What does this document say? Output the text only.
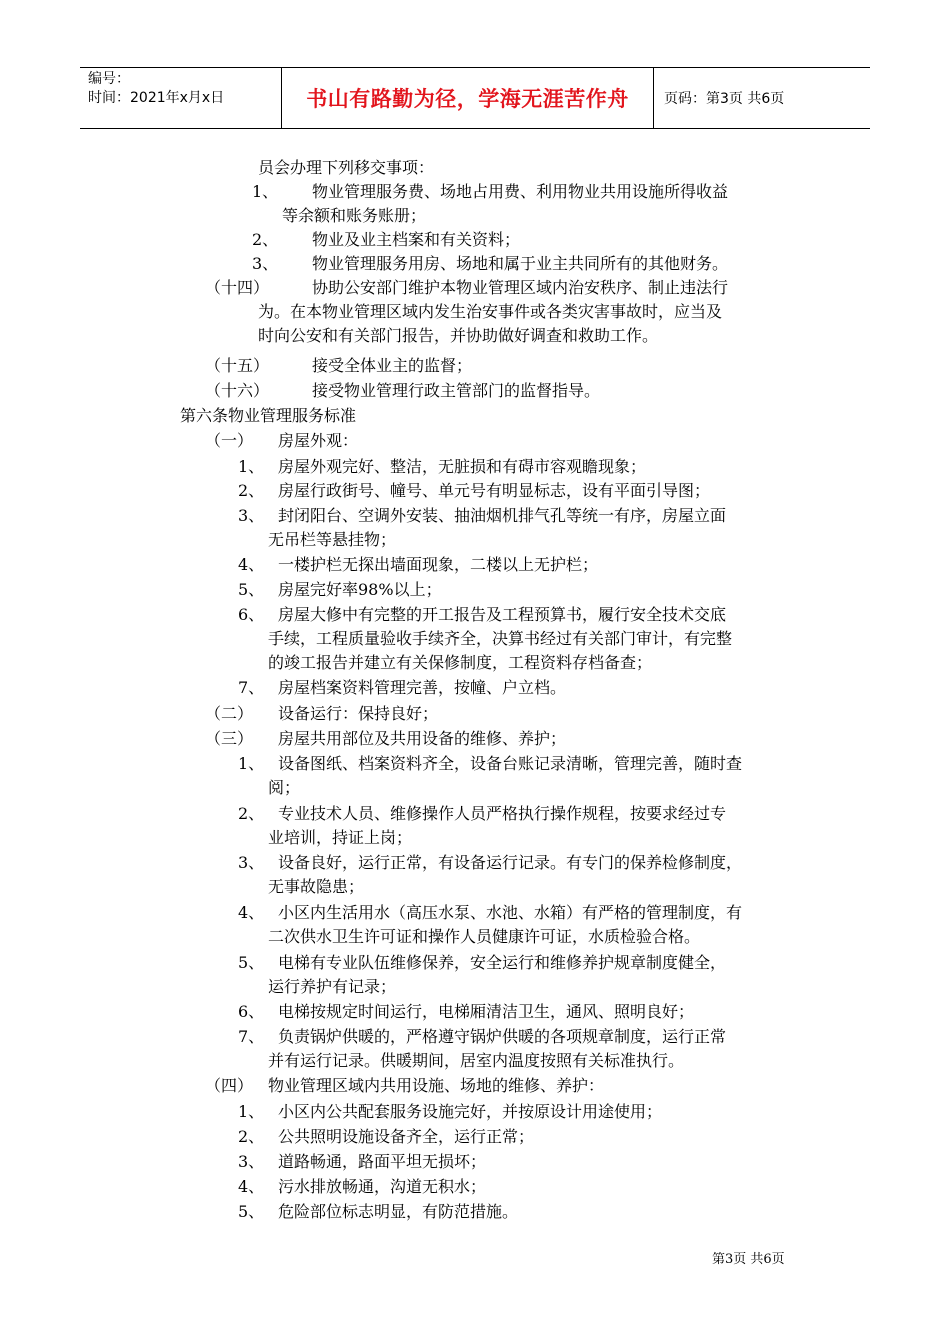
编号：
时间：2021年x月x日	书山有路勤为径，学海无涯苦作舟	页码：第3页 共6页
员会办理下列移交事项：
1、 物业管理服务费、场地占用费、利用物业共用设施所得收益
等余额和账务账册；
2、 物业及业主档案和有关资料；
3、 物业管理服务用房、场地和属于业主共同所有的其他财务。
（十四）	协助公安部门维护本物业管理区域内治安秩序、制止违法行
为。在本物业管理区域内发生治安事件或各类灾害事故时，应当及
时向公安和有关部门报告，并协助做好调查和救助工作。
（十五）	接受全体业主的监督；
（十六）	接受物业管理行政主管部门的监督指导。
第六条物业管理服务标准
（一） 房屋外观：
1、 房屋外观完好、整洁，无脏损和有碍市容观瞻现象；
2、 房屋行政街号、幢号、单元号有明显标志，设有平面引导图；
3、 封闭阳台、空调外安装、抽油烟机排气孔等统一有序，房屋立面
无吊栏等悬挂物；
4、 一楼护栏无探出墙面现象，二楼以上无护栏；
5、 房屋完好率98%以上；
6、 房屋大修中有完整的开工报告及工程预算书，履行安全技术交底
手续，工程质量验收手续齐全，决算书经过有关部门审计，有完整
的竣工报告并建立有关保修制度，工程资料存档备查；
7、 房屋档案资料管理完善，按幢、户立档。
（二） 设备运行：保持良好；
（三） 房屋共用部位及共用设备的维修、养护；
1、 设备图纸、档案资料齐全，设备台账记录清晰，管理完善，随时查
阅；
2、 专业技术人员、维修操作人员严格执行操作规程，按要求经过专
业培训，持证上岗；
3、 设备良好，运行正常，有设备运行记录。有专门的保养检修制度，
无事故隐患；
4、 小区内生活用水（高压水泵、水池、水箱）有严格的管理制度，有
二次供水卫生许可证和操作人员健康许可证，水质检验合格。
5、 电梯有专业队伍维修保养，安全运行和维修养护规章制度健全，
运行养护有记录；
6、 电梯按规定时间运行，电梯厢清洁卫生，通风、照明良好；
7、 负责锅炉供暖的，严格遵守锅炉供暖的各项规章制度，运行正常
并有运行记录。供暖期间，居室内温度按照有关标准执行。
（四） 物业管理区域内共用设施、场地的维修、养护：
1、 小区内公共配套服务设施完好，并按原设计用途使用；
2、 公共照明设施设备齐全，运行正常；
3、 道路畅通，路面平坦无损坏；
4、 污水排放畅通，沟道无积水；
5、 危险部位标志明显，有防范措施。
第3页 共6页
